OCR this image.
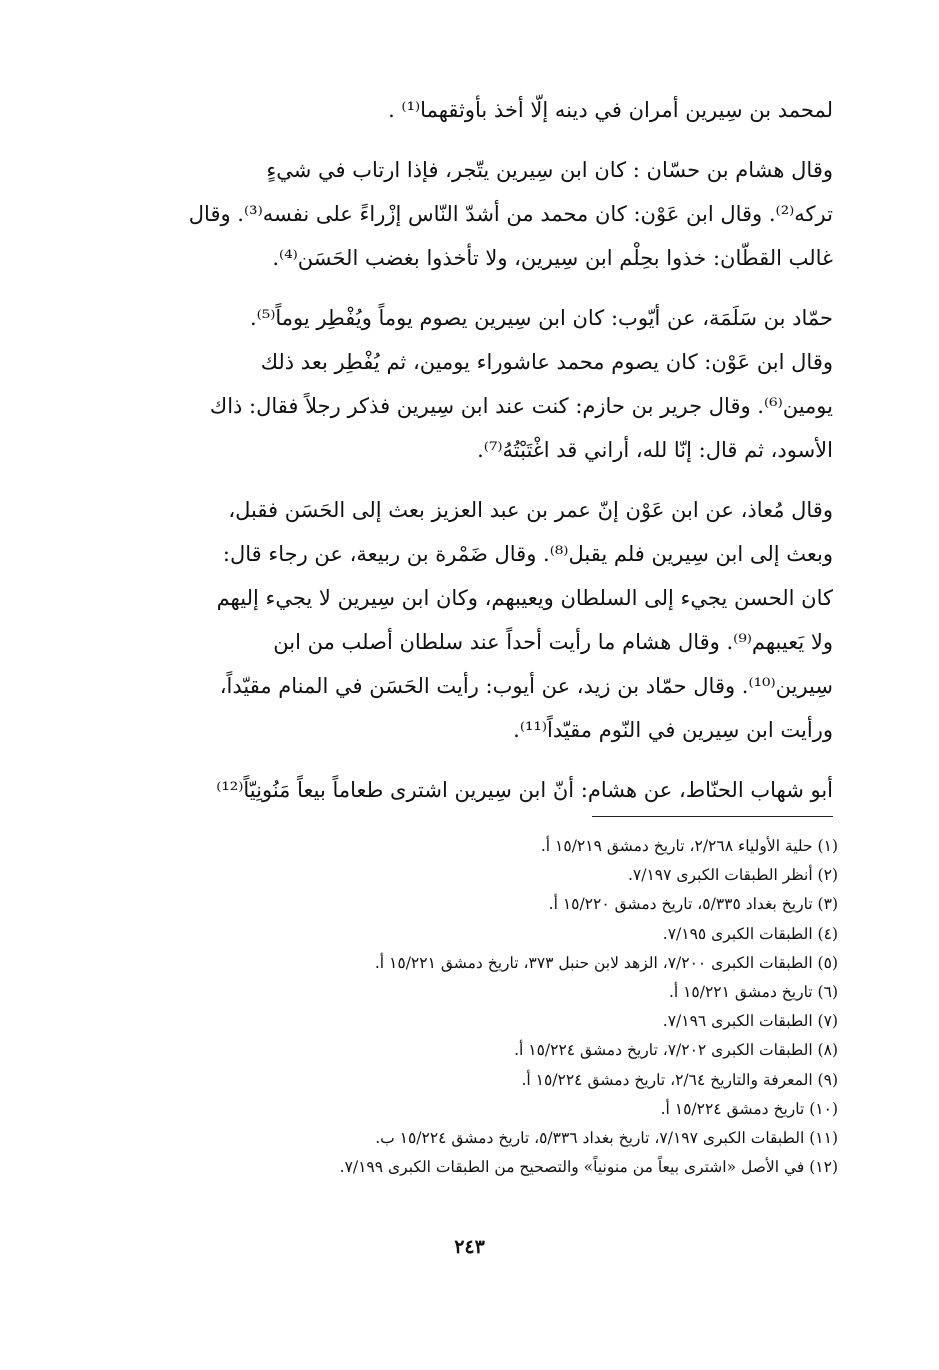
لمحمد بن سِيرين أمران في دينه إلّا أخذ بأوثقهما⁽¹⁾ .

وقال هشام بن حسّان : كان ابن سِيرين يتّجر، فإذا ارتاب في شيءٍ

تركه⁽²⁾. وقال ابن عَوْن: كان محمد من أشدّ النّاس إزْراءً على نفسه⁽³⁾. وقال

غالب القطّان: خذوا بحِلْم ابن سِيرين، ولا تأخذوا بغضب الحَسَن⁽⁴⁾.

حمّاد بن سَلَمَة، عن أيّوب: كان ابن سِيرين يصوم يوماً ويُفْطِر يوماً⁽⁵⁾.

وقال ابن عَوْن: كان يصوم محمد عاشوراء يومين، ثم يُفْطِر بعد ذلك

يومين⁽⁶⁾. وقال جرير بن حازم: كنت عند ابن سِيرين فذكر رجلاً فقال: ذاك

الأسود، ثم قال: إنّا لله، أراني قد اغْتَبْتُهُ⁽⁷⁾.

وقال مُعاذ، عن ابن عَوْن إنّ عمر بن عبد العزيز بعث إلى الحَسَن فقبل،

وبعث إلى ابن سِيرين فلم يقبل⁽⁸⁾. وقال ضَمْرة بن ربيعة، عن رجاء قال:

كان الحسن يجيء إلى السلطان ويعيبهم، وكان ابن سِيرين لا يجيء إليهم

ولا يَعيبهم⁽⁹⁾. وقال هشام ما رأيت أحداً عند سلطان أصلب من ابن

سِيرين⁽¹⁰⁾. وقال حمّاد بن زيد، عن أيوب: رأيت الحَسَن في المنام مقيّداً،

ورأيت ابن سِيرين في النّوم مقيّداً⁽¹¹⁾.

أبو شهاب الحنّاط، عن هشام: أنّ ابن سِيرين اشترى طعاماً بيعاً مَنُونِيّاً⁽¹²⁾

(١) حلية الأولياء ٢/٢٦٨، تاريخ دمشق ١٥/٢١٩ أ.
(٢) أنظر الطبقات الكبرى ٧/١٩٧.
(٣) تاريخ بغداد ٥/٣٣٥، تاريخ دمشق ١٥/٢٢٠ أ.
(٤) الطبقات الكبرى ٧/١٩٥.
(٥) الطبقات الكبرى ٧/٢٠٠، الزهد لابن حنبل ٣٧٣، تاريخ دمشق ١٥/٢٢١ أ.
(٦) تاريخ دمشق ١٥/٢٢١ أ.
(٧) الطبقات الكبرى ٧/١٩٦.
(٨) الطبقات الكبرى ٧/٢٠٢، تاريخ دمشق ١٥/٢٢٤ أ.
(٩) المعرفة والتاريخ ٢/٦٤، تاريخ دمشق ١٥/٢٢٤ أ.
(١٠) تاريخ دمشق ١٥/٢٢٤ أ.
(١١) الطبقات الكبرى ٧/١٩٧، تاريخ بغداد ٥/٣٣٦، تاريخ دمشق ١٥/٢٢٤ ب.
(١٢) في الأصل «اشترى بيعاً من منونياً» والتصحيح من الطبقات الكبرى ٧/١٩٩.
٢٤٣
